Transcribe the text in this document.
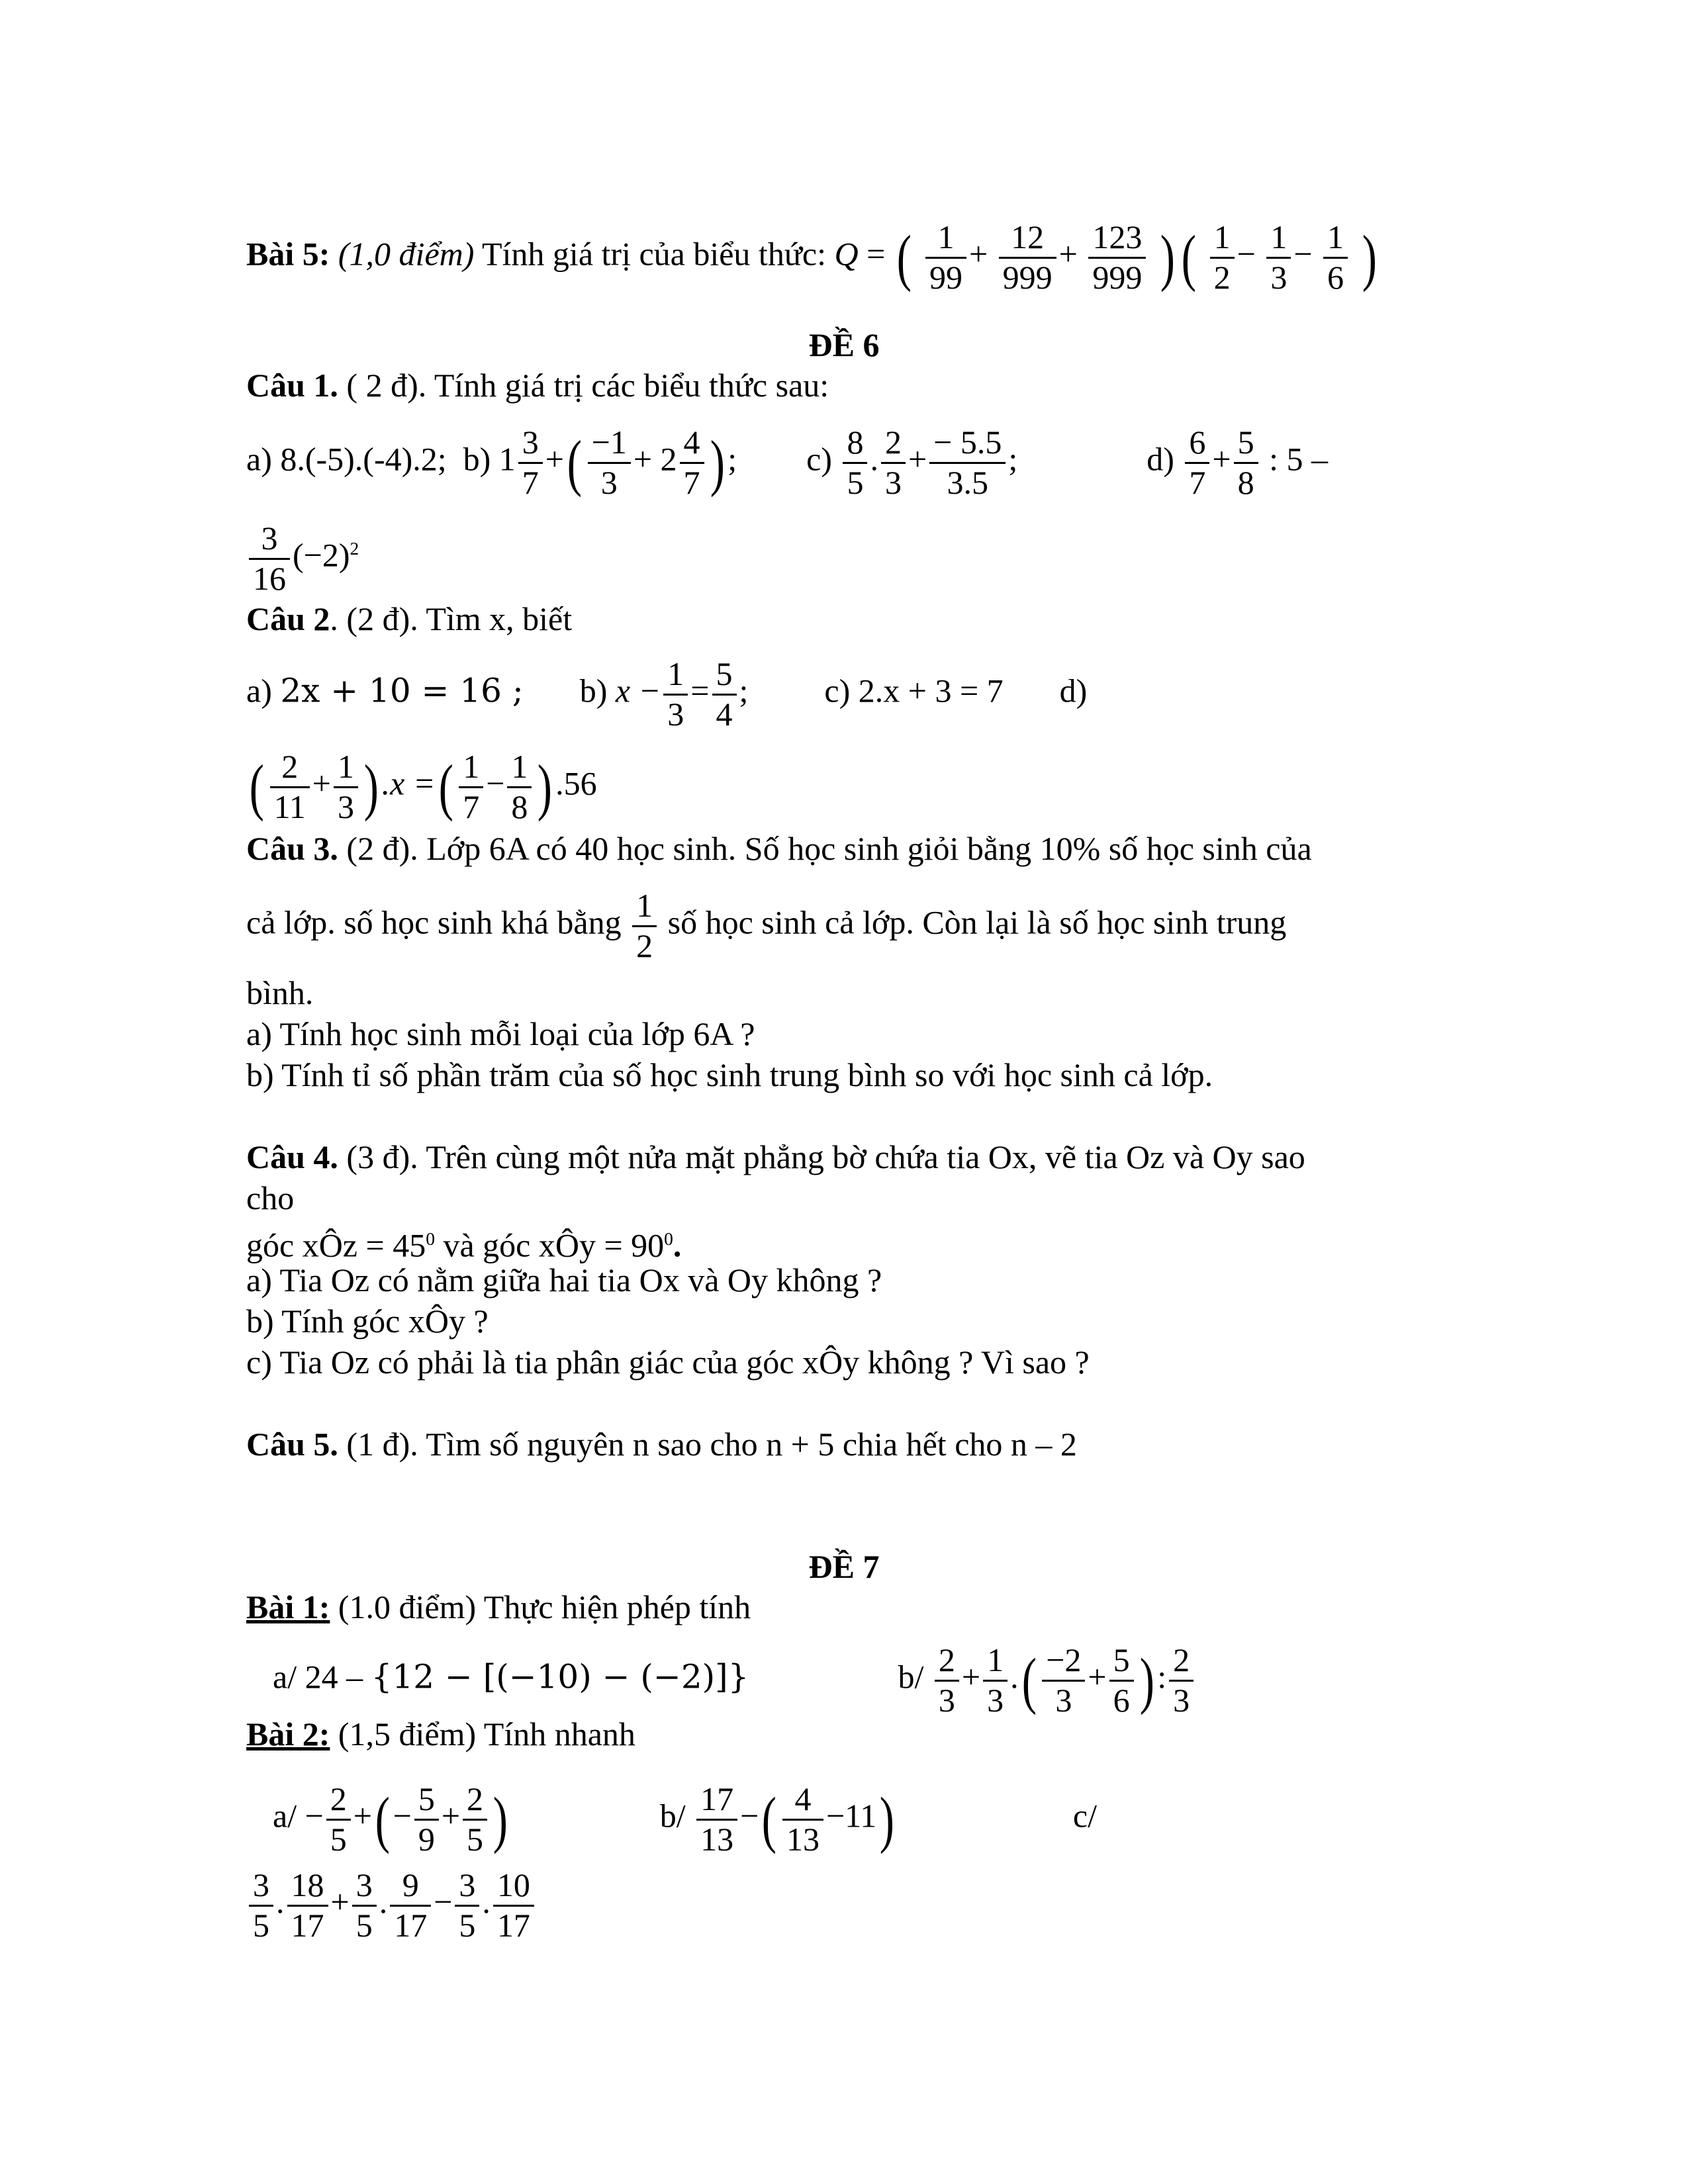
Bài 5: (1,0 điểm) Tính giá trị của biểu thức: Q = ( $\frac{1}{99} + \frac{12}{999} + \frac{123}{999}$ )( $\frac{1}{2} - \frac{1}{3} - \frac{1}{6}$ )
ĐỀ 6
Câu 1. ( 2 đ). Tính giá trị các biểu thức sau:
a) 8.(-5).(-4).2; b) $1 \frac{3}{7}$ +( $\frac{-1}{3} + 2 \frac{4}{7}$ );  $c) \frac{8}{5}$ . $\frac{2}{3} + \frac{- 5.5}{3.5}$ ;	$d) \frac{6}{7} + \frac{5}{8}$ : 5 –
$\frac{3}{16} (-2)^2$
Câu 2. (2 đ). Tìm x, biết
a) 2x + 10 = 16 ; b) $x - \frac{1}{3} = \frac{5}{4}$ ;  c) 2.x + 3 = 7 d)
( $\frac{2}{11} + \frac{1}{3} ).x$ =( $\frac{1}{7} - \frac{1}{8} ).56$
Câu 3. (2 đ). Lớp 6A có 40 học sinh. Số học sinh giỏi bằng 10% số học sinh của
cả lớp. số học sinh khá bằng $\frac{1}{2}$ số học sinh cả lớp. Còn lại là số học sinh trung
bình.
a) Tính học sinh mỗi loại của lớp 6A ?
b) Tính tỉ số phần trăm của số học sinh trung bình so với học sinh cả lớp.
Câu 4. (3 đ). Trên cùng một nửa mặt phẳng bờ chứa tia Ox, vẽ tia Oz và Oy sao
cho
góc xÔz = $45^0$ và góc xÔy = $90^0$.
a) Tia Oz có nằm giữa hai tia Ox và Oy không ?
b) Tính góc xÔy ?
c) Tia Oz có phải là tia phân giác của góc xÔy không ? Vì sao ?
Câu 5. (1 đ). Tìm số nguyên n sao cho n + 5 chia hết cho n – 2
ĐỀ 7
Bài 1: (1.0 điểm) Thực hiện phép tính
a/ 24 – {12 − [(−10) − (−2)]}	$b/ \frac{2}{3} + \frac{1}{3}$ .( $\frac{-2}{3} + \frac{5}{6}$ ): $\frac{2}{3}$
Bài 2: (1,5 điểm) Tính nhanh
$a/ - \frac{2}{5}$ +(− $\frac{5}{9} + \frac{2}{5}$ )	$b/ \frac{17}{13}$ −( $\frac{4}{13} -11$)	c/
$\frac{3}{5}$ . $\frac{18}{17} + \frac{3}{5}$ . $\frac{9}{17} - \frac{3}{5}$ . $\frac{10}{17}$
